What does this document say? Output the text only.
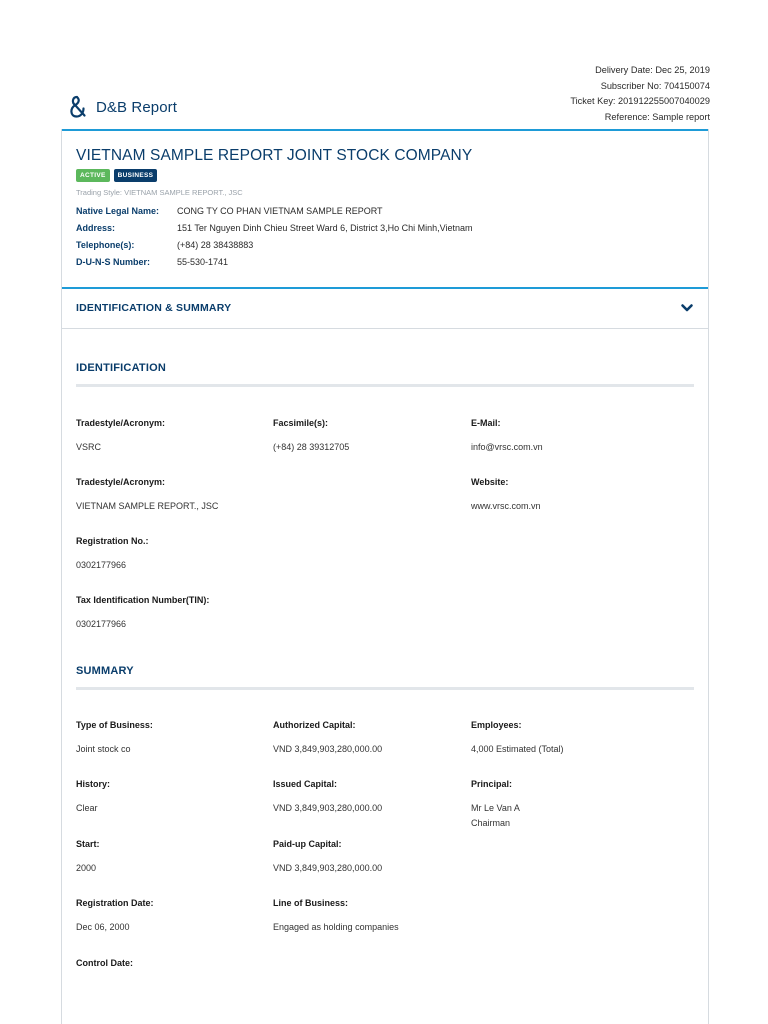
D&B Report
Delivery Date: Dec 25, 2019
Subscriber No: 704150074
Ticket Key: 201912255007040029
Reference: Sample report
VIETNAM SAMPLE REPORT JOINT STOCK COMPANY
ACTIVE	BUSINESS
Trading Style: VIETNAM SAMPLE REPORT., JSC
Native Legal Name:	CONG TY CO PHAN VIETNAM SAMPLE REPORT
Address:	151 Ter Nguyen Dinh Chieu Street Ward 6, District 3,Ho Chi Minh,Vietnam
Telephone(s):	(+84) 28 38438883
D-U-N-S Number:	55-530-1741
IDENTIFICATION & SUMMARY
IDENTIFICATION
Tradestyle/Acronym:
VSRC
Facsimile(s):
(+84) 28 39312705
E-Mail:
info@vrsc.com.vn
Tradestyle/Acronym:
VIETNAM SAMPLE REPORT., JSC
Website:
www.vrsc.com.vn
Registration No.:
0302177966
Tax Identification Number(TIN):
0302177966
SUMMARY
Type of Business:
Joint stock co
Authorized Capital:
VND 3,849,903,280,000.00
Employees:
4,000 Estimated (Total)
History:
Clear
Issued Capital:
VND 3,849,903,280,000.00
Principal:
Mr Le Van A
Chairman
Start:
2000
Paid-up Capital:
VND 3,849,903,280,000.00
Registration Date:
Dec 06, 2000
Line of Business:
Engaged as holding companies
Control Date:
